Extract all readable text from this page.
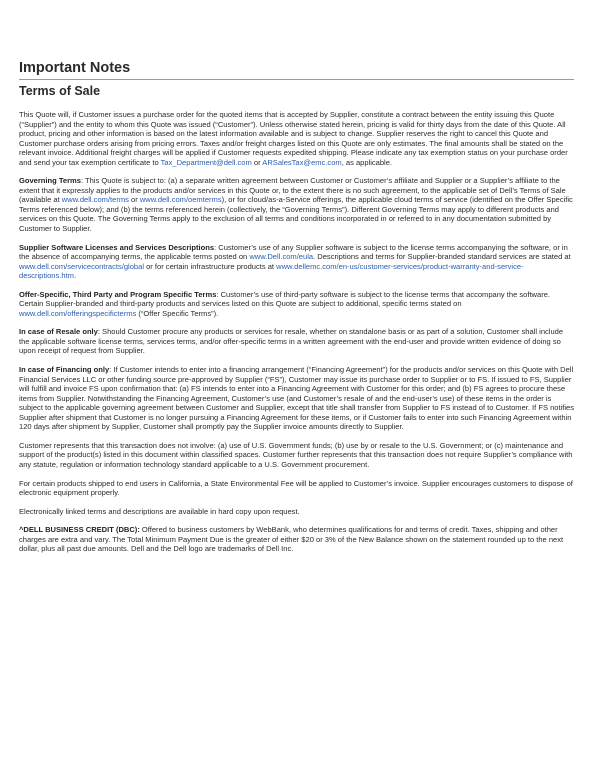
Important Notes
Terms of Sale

This Quote will, if Customer issues a purchase order for the quoted items that is accepted by Supplier, constitute a contract between the entity issuing this Quote (“Supplier”) and the entity to whom this Quote was issued (“Customer”). Unless otherwise stated herein, pricing is valid for thirty days from the date of this Quote. All product, pricing and other information is based on the latest information available and is subject to change. Supplier reserves the right to cancel this Quote and Customer purchase orders arising from pricing errors. Taxes and/or freight charges listed on this Quote are only estimates. The final amounts shall be stated on the relevant invoice. Additional freight charges will be applied if Customer requests expedited shipping. Please indicate any tax exemption status on your purchase order and send your tax exemption certificate to Tax_Department@dell.com or ARSalesTax@emc.com, as applicable.

Governing Terms: This Quote is subject to: (a) a separate written agreement between Customer or Customer’s affiliate and Supplier or a Supplier’s affiliate to the extent that it expressly applies to the products and/or services in this Quote or, to the extent there is no such agreement, to the applicable set of Dell’s Terms of Sale (available at www.dell.com/terms or www.dell.com/oemterms), or for cloud/as-a-Service offerings, the applicable cloud terms of service (identified on the Offer Specific Terms referenced below); and (b) the terms referenced herein (collectively, the “Governing Terms”). Different Governing Terms may apply to different products and services on this Quote. The Governing Terms apply to the exclusion of all terms and conditions incorporated in or referred to in any documentation submitted by Customer to Supplier.

Supplier Software Licenses and Services Descriptions: Customer’s use of any Supplier software is subject to the license terms accompanying the software, or in the absence of accompanying terms, the applicable terms posted on www.Dell.com/eula. Descriptions and terms for Supplier-branded standard services are stated at www.dell.com/servicecontracts/global or for certain infrastructure products at www.dellemc.com/en-us/customer-services/product-warranty-and-service-descriptions.htm.

Offer-Specific, Third Party and Program Specific Terms: Customer’s use of third-party software is subject to the license terms that accompany the software. Certain Supplier-branded and third-party products and services listed on this Quote are subject to additional, specific terms stated on www.dell.com/offeringspecificterms (“Offer Specific Terms”).

In case of Resale only: Should Customer procure any products or services for resale, whether on standalone basis or as part of a solution, Customer shall include the applicable software license terms, services terms, and/or offer-specific terms in a written agreement with the end-user and provide written evidence of doing so upon receipt of request from Supplier.

In case of Financing only: If Customer intends to enter into a financing arrangement (“Financing Agreement”) for the products and/or services on this Quote with Dell Financial Services LLC or other funding source pre-approved by Supplier (“FS”), Customer may issue its purchase order to Supplier or to FS. If issued to FS, Supplier will fulfill and invoice FS upon confirmation that: (a) FS intends to enter into a Financing Agreement with Customer for this order; and (b) FS agrees to procure these items from Supplier. Notwithstanding the Financing Agreement, Customer’s use (and Customer’s resale of and the end-user’s use) of these items in the order is subject to the applicable governing agreement between Customer and Supplier, except that title shall transfer from Supplier to FS instead of to Customer. If FS notifies Supplier after shipment that Customer is no longer pursuing a Financing Agreement for these items, or if Customer fails to enter into such Financing Agreement within 120 days after shipment by Supplier, Customer shall promptly pay the Supplier invoice amounts directly to Supplier.

Customer represents that this transaction does not involve: (a) use of U.S. Government funds; (b) use by or resale to the U.S. Government; or (c) maintenance and support of the product(s) listed in this document within classified spaces. Customer further represents that this transaction does not require Supplier’s compliance with any statute, regulation or information technology standard applicable to a U.S. Government procurement.

For certain products shipped to end users in California, a State Environmental Fee will be applied to Customer’s invoice. Supplier encourages customers to dispose of electronic equipment properly.

Electronically linked terms and descriptions are available in hard copy upon request.

^DELL BUSINESS CREDIT (DBC): Offered to business customers by WebBank, who determines qualifications for and terms of credit. Taxes, shipping and other charges are extra and vary. The Total Minimum Payment Due is the greater of either $20 or 3% of the New Balance shown on the statement rounded up to the next dollar, plus all past due amounts. Dell and the Dell logo are trademarks of Dell Inc.
